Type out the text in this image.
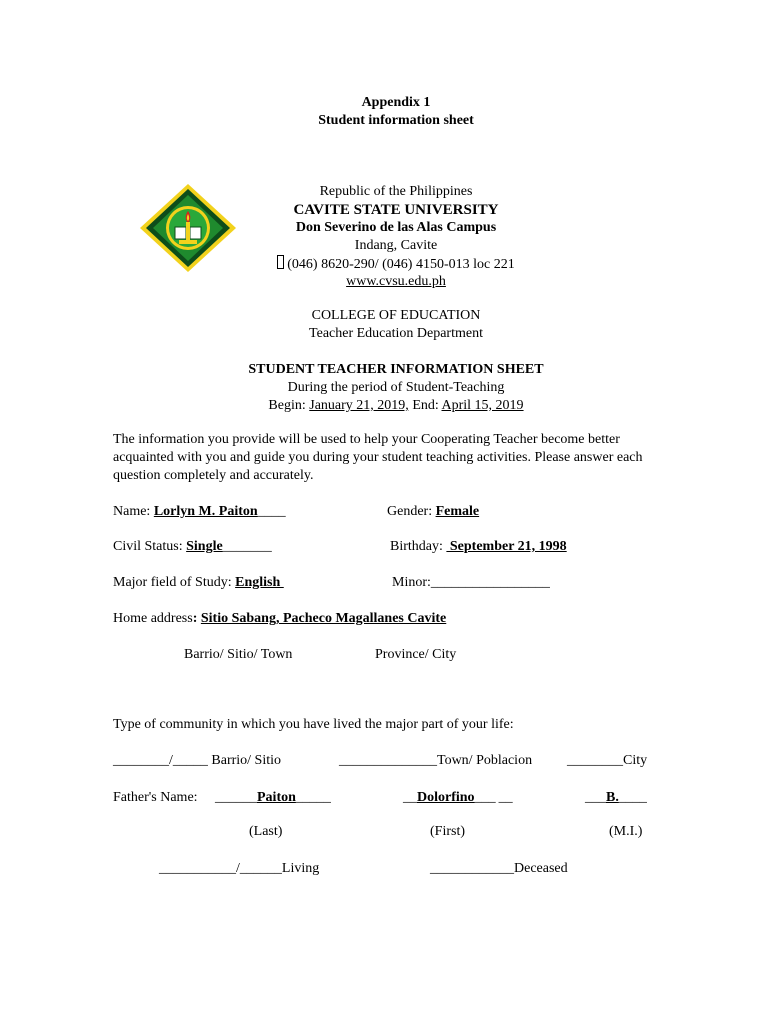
Appendix 1
Student information sheet
Republic of the Philippines
CAVITE STATE UNIVERSITY
Don Severino de las Alas Campus
Indang, Cavite
(046) 8620-290/ (046) 4150-013 loc 221
www.cvsu.edu.ph
COLLEGE OF EDUCATION
Teacher Education Department
STUDENT TEACHER INFORMATION SHEET
During the period of Student-Teaching
Begin: January 21, 2019, End: April 15, 2019
The information you provide will be used to help your Cooperating Teacher become better acquainted with you and guide you during your student teaching activities. Please answer each question completely and accurately.
Name: Lorlyn M. Paiton____	Gender: Female
Civil Status: Single_______	Birthday:  September 21, 1998
Major field of Study: English	Minor:_________________
Home address: Sitio Sabang, Pacheco Magallanes Cavite
Barrio/ Sitio/ Town	Province/ City
Type of community in which you have lived the major part of your life:
________/_____ Barrio/ Sitio	______________Town/ Poblacion ________City
Father's Name: ______Paiton_____	__Dolorfino___ __	___B.____
(Last)	(First)	(M.I.)
___________/______Living	____________Deceased
